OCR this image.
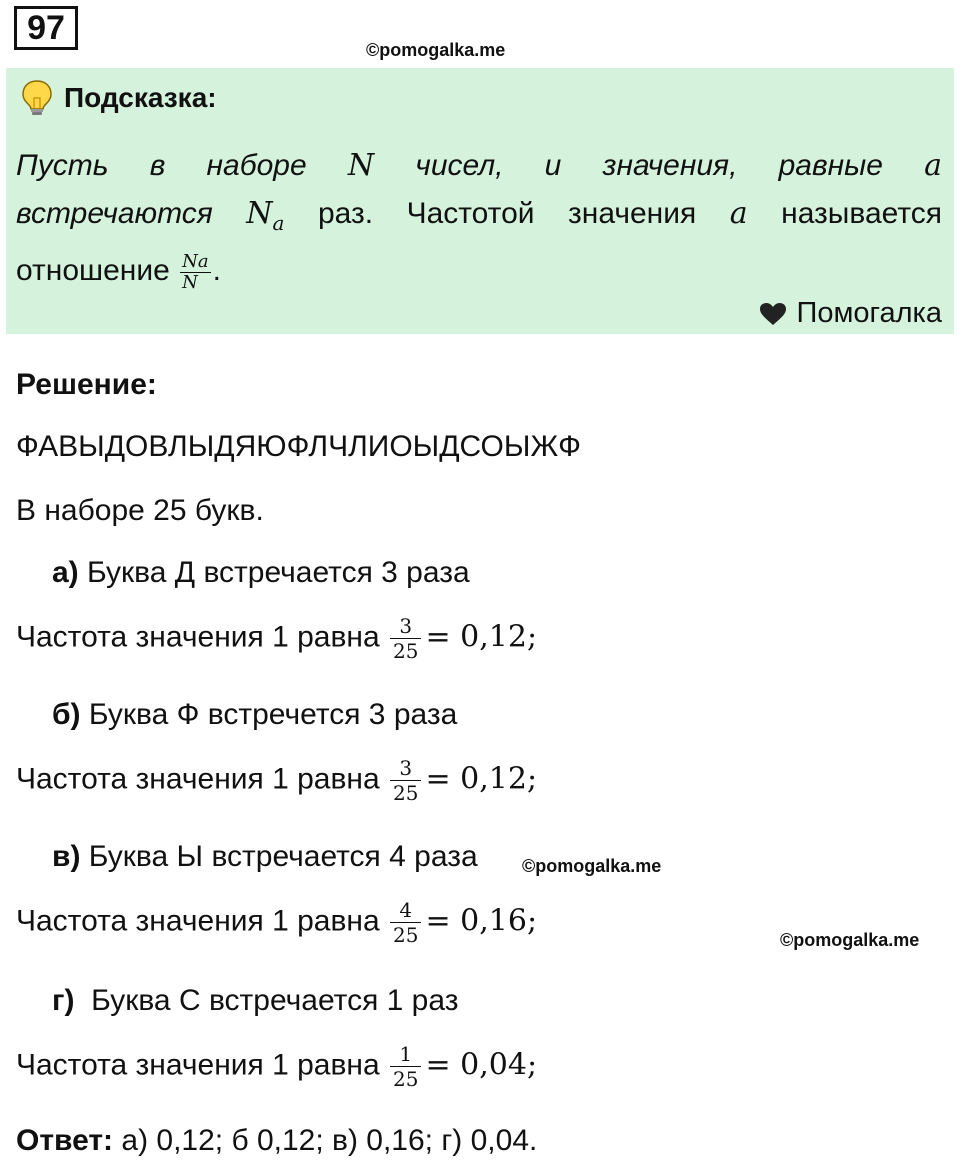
97
©pomogalka.me
Подсказка:
Пусть в наборе N чисел, и значения, равные a
встречаются $N_a$ раз. Частотой значения a называется
отношение $\frac{Na}{N}$ .
Помогалка
Решение:
ФАВЫДОВЛЫДЯЮФЛЧЛИОЫДСОЫЖФ
В наборе 25 букв.
а) Буква Д встречается 3 раза
Частота значения 1 равна $\frac{3}{25} = 0,12$;
б) Буква Ф встречется 3 раза
Частота значения 1 равна $\frac{3}{25} = 0,12$;
в) Буква Ы встречается 4 раза ©pomogalka.me
Частота значения 1 равна $\frac{4}{25} = 0,16$;
©pomogalka.me
г)  Буква С встречается 1 раз
Частота значения 1 равна $\frac{1}{25} = 0,04$;
Ответ: а) 0,12; б 0,12; в) 0,16; г) 0,04.
